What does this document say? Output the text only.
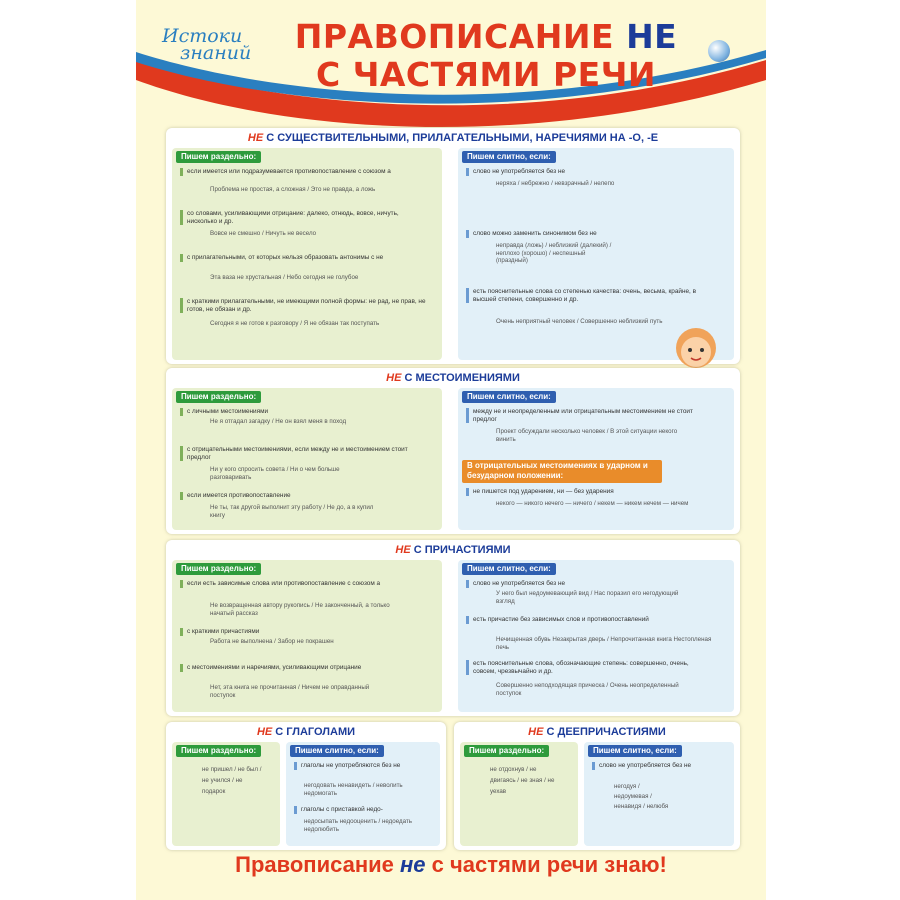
Истоки
знаний	ПРАВОПИСАНИЕ НЕ
С ЧАСТЯМИ РЕЧИ
НЕ С СУЩЕСТВИТЕЛЬНЫМИ, ПРИЛАГАТЕЛЬНЫМИ, НАРЕЧИЯМИ НА -О, -Е
Пишем раздельно:
если имеется или подразумевается противопоставление с союзом а
Проблема не простая, а сложная / Это не правда, а ложь
со словами, усиливающими отрицание: далеко, отнюдь, вовсе, ничуть, нисколько и др.
Вовсе не смешно / Ничуть не весело
с прилагательными, от которых нельзя образовать антонимы с не
Эта ваза не хрустальная / Небо сегодня не голубое
с краткими прилагательными, не имеющими полной формы: не рад, не прав, не готов, не обязан и др.
Сегодня я не готов к разговору / Я не обязан так поступать
Пишем слитно, если:
слово не употребляется без не
неряха / небрежно / невзрачный / нелепо
слово можно заменить синонимом без не
неправда (ложь) / неблизкий (далекий) / неплохо (хорошо) / неспешный (праздный)
есть пояснительные слова со степенью качества: очень, весьма, крайне, в высшей степени, совершенно и др.
Очень неприятный человек / Совершенно неблизкий путь
НЕ С МЕСТОИМЕНИЯМИ
Пишем раздельно:
с личными местоимениями
Не я отгадал загадку / Не он взял меня в поход
с отрицательными местоимениями, если между не и местоимением стоит предлог
Ни у кого спросить совета / Ни о чем больше разговаривать
если имеется противопоставление
Не ты, так другой выполнит эту работу / Не до, а в купил книгу
Пишем слитно, если:
между не и неопределенным или отрицательным местоимением не стоит предлог
Проект обсуждали несколько человек / В этой ситуации некого винить
В отрицательных местоимениях в ударном и безударном положении:
не пишется под ударением, ни — без ударения
некого — никого нечего — ничего / некем — никем нечем — ничем
НЕ С ПРИЧАСТИЯМИ
Пишем раздельно:
если есть зависимые слова или противопоставление с союзом а
Не возвращенная автору рукопись / Не законченный, а только начатый рассказ
с краткими причастиями
Работа не выполнена / Забор не покрашен
с местоимениями и наречиями, усиливающими отрицание
Нет, эта книга не прочитанная / Ничем не оправданный поступок
Пишем слитно, если:
слово не употребляется без не
У него был недоумевающий вид / Нас поразил его негодующий взгляд
есть причастие без зависимых слов и противопоставлений
Нечищенная обувь Незакрытая дверь / Непрочитанная книга Нестопленая печь
есть пояснительные слова, обозначающие степень: совершенно, очень, совсем, чрезвычайно и др.
Совершенно неподходящая прическа / Очень неопределенный поступок
НЕ С ГЛАГОЛАМИ
Пишем раздельно:
не пришел / не был / не учился / не подарок
Пишем слитно, если:
глаголы не употребляются без не
негодовать ненавидеть / неволить недомогать
глаголы с приставкой недо-
недосыпать недооценить / недоедать недолюбить
НЕ С ДЕЕПРИЧАСТИЯМИ
Пишем раздельно:
не отдохнув / не двигаясь / не зная / не уехав
Пишем слитно, если:
слово не употребляется без не
негодуя / недоумевая / ненавидя / нелюбя
Правописание не с частями речи знаю!
